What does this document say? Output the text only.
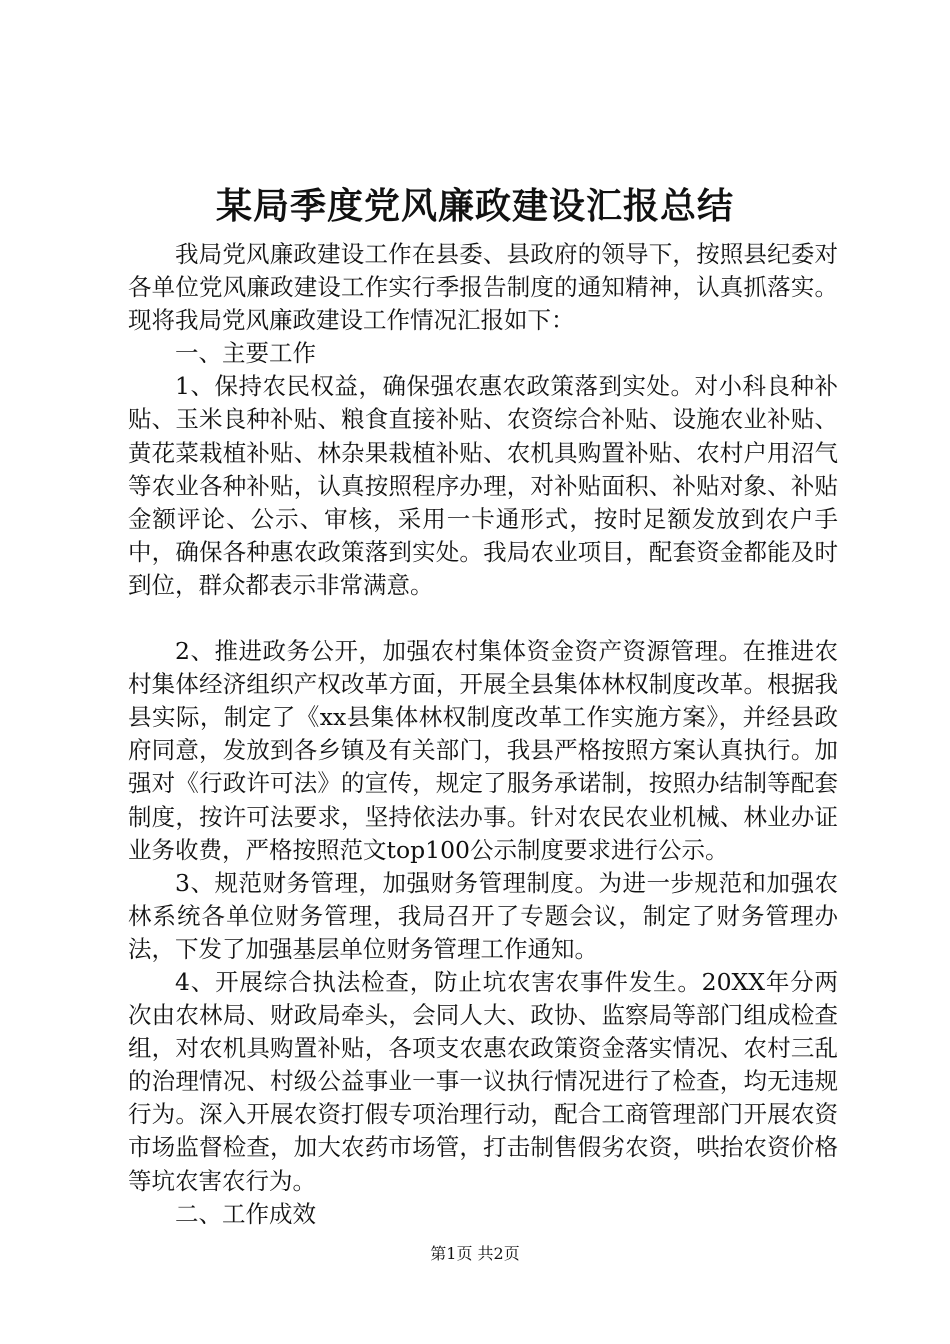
某局季度党风廉政建设汇报总结

我局党风廉政建设工作在县委、县政府的领导下，按照县纪委对各单位党风廉政建设工作实行季报告制度的通知精神，认真抓落实。现将我局党风廉政建设工作情况汇报如下：

一、主要工作

1、保持农民权益，确保强农惠农政策落到实处。对小科良种补贴、玉米良种补贴、粮食直接补贴、农资综合补贴、设施农业补贴、黄花菜栽植补贴、林杂果栽植补贴、农机具购置补贴、农村户用沼气等农业各种补贴，认真按照程序办理，对补贴面积、补贴对象、补贴金额评论、公示、审核，采用一卡通形式，按时足额发放到农户手中，确保各种惠农政策落到实处。我局农业项目，配套资金都能及时到位，群众都表示非常满意。

2、推进政务公开，加强农村集体资金资产资源管理。在推进农村集体经济组织产权改革方面，开展全县集体林权制度改革。根据我县实际，制定了《xx县集体林权制度改革工作实施方案》，并经县政府同意，发放到各乡镇及有关部门，我县严格按照方案认真执行。加强对《行政许可法》的宣传，规定了服务承诺制，按照办结制等配套制度，按许可法要求，坚持依法办事。针对农民农业机械、林业办证业务收费，严格按照范文top100公示制度要求进行公示。

3、规范财务管理，加强财务管理制度。为进一步规范和加强农林系统各单位财务管理，我局召开了专题会议，制定了财务管理办法，下发了加强基层单位财务管理工作通知。

4、开展综合执法检查，防止坑农害农事件发生。20XX年分两次由农林局、财政局牵头，会同人大、政协、监察局等部门组成检查组，对农机具购置补贴，各项支农惠农政策资金落实情况、农村三乱的治理情况、村级公益事业一事一议执行情况进行了检查，均无违规行为。深入开展农资打假专项治理行动，配合工商管理部门开展农资市场监督检查，加大农药市场管，打击制售假劣农资，哄抬农资价格等坑农害农行为。

二、工作成效

第1页 共2页
